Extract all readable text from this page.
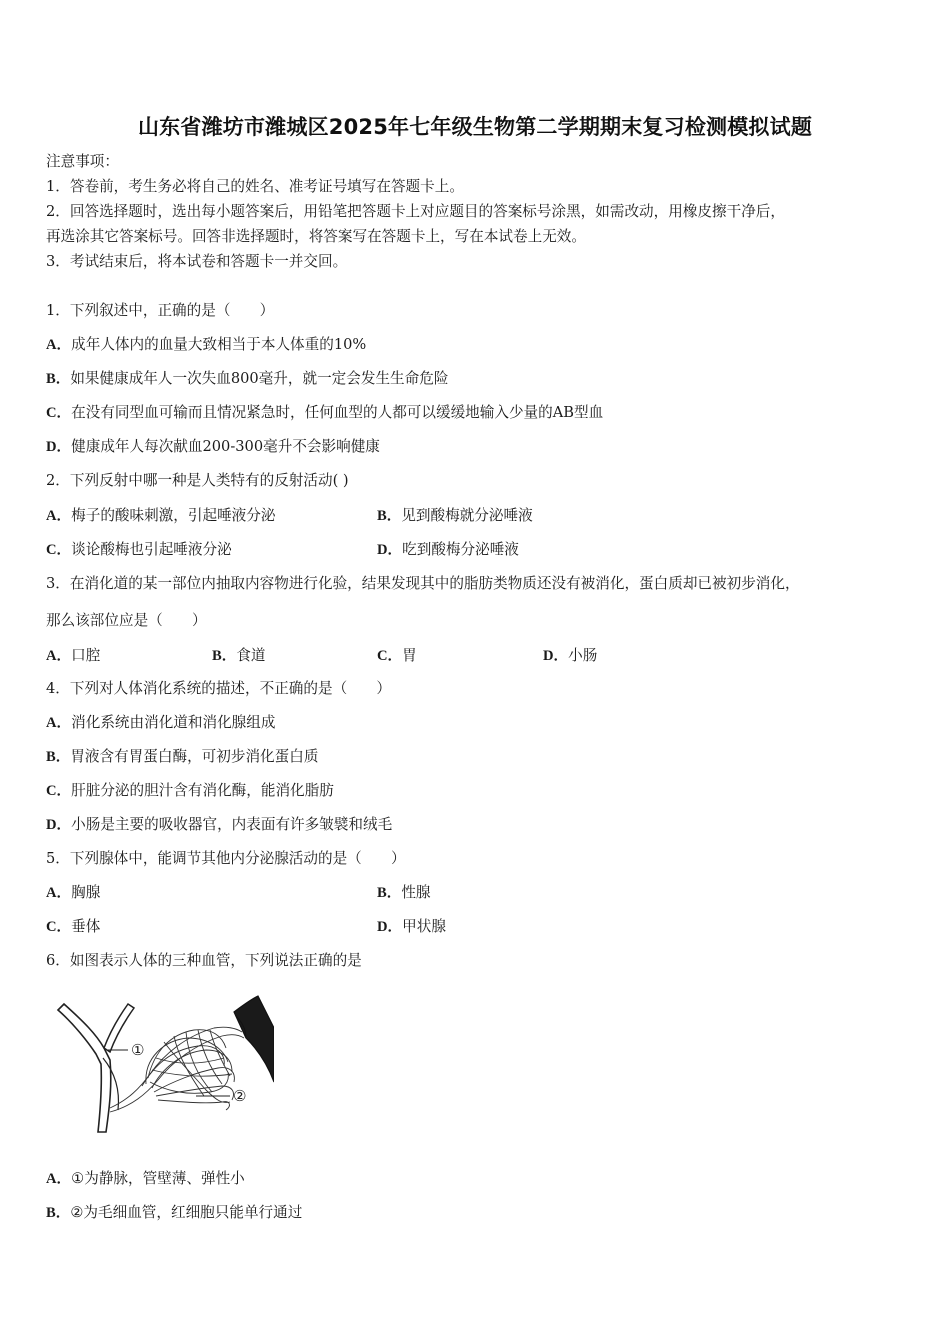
山东省潍坊市潍城区2025年七年级生物第二学期期末复习检测模拟试题
注意事项：
1．答卷前，考生务必将自己的姓名、准考证号填写在答题卡上。
2．回答选择题时，选出每小题答案后，用铅笔把答题卡上对应题目的答案标号涂黑，如需改动，用橡皮擦干净后，
再选涂其它答案标号。回答非选择题时，将答案写在答题卡上，写在本试卷上无效。
3．考试结束后，将本试卷和答题卡一并交回。
1．下列叙述中，正确的是（　　）
A．成年人体内的血量大致相当于本人体重的10%
B．如果健康成年人一次失血800毫升，就一定会发生生命危险
C．在没有同型血可输而且情况紧急时，任何血型的人都可以缓缓地输入少量的AB型血
D．健康成年人每次献血200-300毫升不会影响健康
2．下列反射中哪一种是人类特有的反射活动( )
A．梅子的酸味刺激，引起唾液分泌	B．见到酸梅就分泌唾液
C．谈论酸梅也引起唾液分泌	D．吃到酸梅分泌唾液
3．在消化道的某一部位内抽取内容物进行化验，结果发现其中的脂肪类物质还没有被消化，蛋白质却已被初步消化，
那么该部位应是（　　）
A．口腔	B．食道	C．胃	D．小肠
4．下列对人体消化系统的描述，不正确的是（　　）
A．消化系统由消化道和消化腺组成
B．胃液含有胃蛋白酶，可初步消化蛋白质
C．肝脏分泌的胆汁含有消化酶，能消化脂肪
D．小肠是主要的吸收器官，内表面有许多皱襞和绒毛
5．下列腺体中，能调节其他内分泌腺活动的是（　　）
A．胸腺	B．性腺
C．垂体	D．甲状腺
6．如图表示人体的三种血管，下列说法正确的是
①
②
A．①为静脉，管壁薄、弹性小
B．②为毛细血管，红细胞只能单行通过
